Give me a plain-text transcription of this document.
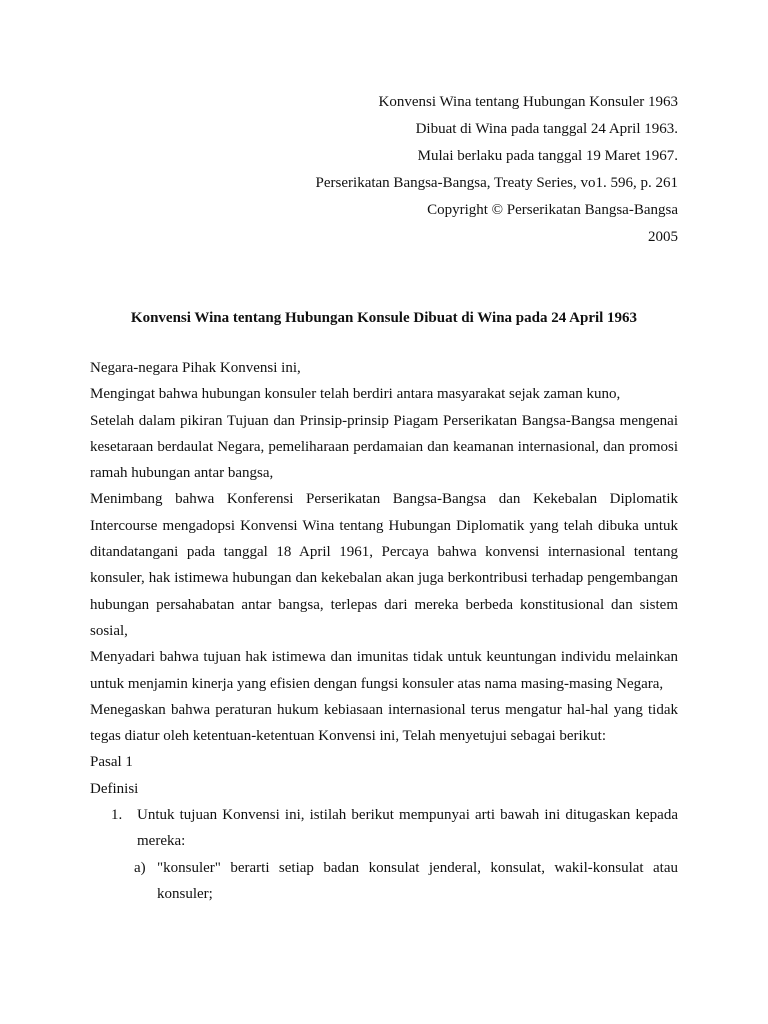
Konvensi Wina tentang Hubungan Konsuler 1963
Dibuat di Wina pada tanggal 24 April 1963.
Mulai berlaku pada tanggal 19 Maret 1967.
Perserikatan Bangsa-Bangsa, Treaty Series, vo1. 596, p. 261
Copyright © Perserikatan Bangsa-Bangsa
2005
Konvensi Wina tentang Hubungan Konsule Dibuat di Wina pada 24 April 1963

Negara-negara Pihak Konvensi ini,

Mengingat bahwa hubungan konsuler telah berdiri antara masyarakat sejak zaman kuno,

Setelah dalam pikiran Tujuan dan Prinsip-prinsip Piagam Perserikatan Bangsa-Bangsa mengenai kesetaraan berdaulat Negara, pemeliharaan perdamaian dan keamanan internasional, dan promosi ramah hubungan antar bangsa,

Menimbang bahwa Konferensi Perserikatan Bangsa-Bangsa dan Kekebalan Diplomatik Intercourse mengadopsi Konvensi Wina tentang Hubungan Diplomatik yang telah dibuka untuk ditandatangani pada tanggal 18 April 1961, Percaya bahwa konvensi internasional tentang konsuler, hak istimewa hubungan dan kekebalan akan juga berkontribusi terhadap pengembangan hubungan persahabatan antar bangsa, terlepas dari mereka berbeda konstitusional dan sistem sosial,

Menyadari bahwa tujuan hak istimewa dan imunitas tidak untuk keuntungan individu melainkan untuk menjamin kinerja yang efisien dengan fungsi konsuler atas nama masing-masing Negara,

Menegaskan bahwa peraturan hukum kebiasaan internasional terus mengatur hal-hal yang tidak tegas diatur oleh ketentuan-ketentuan Konvensi ini, Telah menyetujui sebagai berikut:

Pasal 1

Definisi

1. Untuk tujuan Konvensi ini, istilah berikut mempunyai arti bawah ini ditugaskan kepada mereka:
a) "konsuler" berarti setiap badan konsulat jenderal, konsulat, wakil-konsulat atau konsuler;
